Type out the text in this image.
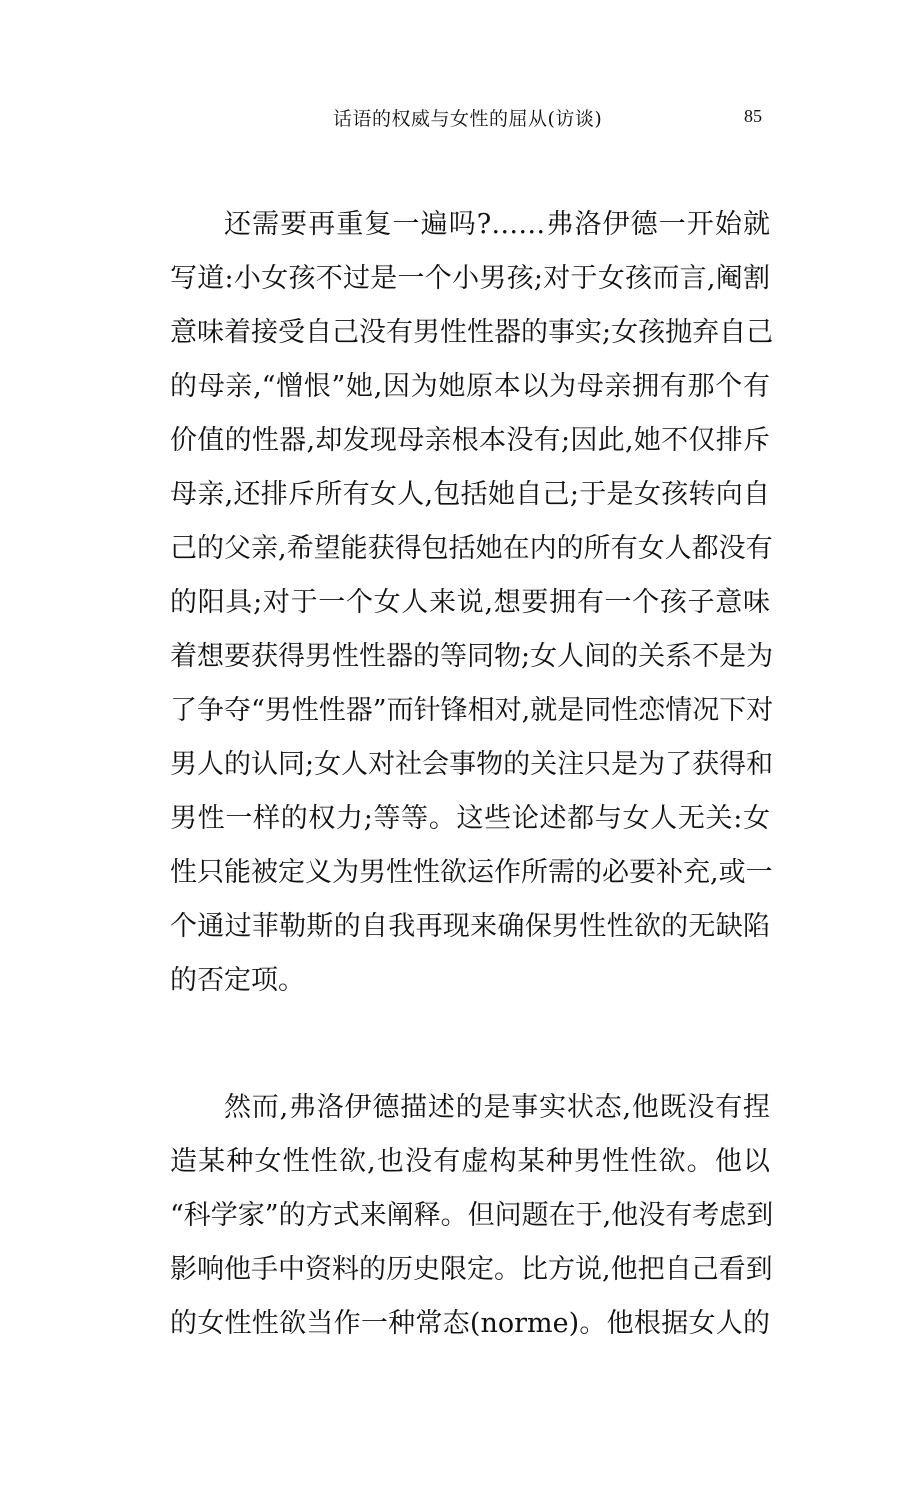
话语的权威与女性的屈从(访谈)	85
还需要再重复一遍吗?……弗洛伊德一开始就
写道:小女孩不过是一个小男孩;对于女孩而言,阉割
意味着接受自己没有男性性器的事实;女孩抛弃自己
的母亲,“憎恨”她,因为她原本以为母亲拥有那个有
价值的性器,却发现母亲根本没有;因此,她不仅排斥
母亲,还排斥所有女人,包括她自己;于是女孩转向自
己的父亲,希望能获得包括她在内的所有女人都没有
的阳具;对于一个女人来说,想要拥有一个孩子意味
着想要获得男性性器的等同物;女人间的关系不是为
了争夺“男性性器”而针锋相对,就是同性恋情况下对
男人的认同;女人对社会事物的关注只是为了获得和
男性一样的权力;等等。这些论述都与女人无关:女
性只能被定义为男性性欲运作所需的必要补充,或一
个通过菲勒斯的自我再现来确保男性性欲的无缺陷
的否定项。
然而,弗洛伊德描述的是事实状态,他既没有捏
造某种女性性欲,也没有虚构某种男性性欲。他以
“科学家”的方式来阐释。但问题在于,他没有考虑到
影响他手中资料的历史限定。比方说,他把自己看到
的女性性欲当作一种常态(norme)。他根据女人的
